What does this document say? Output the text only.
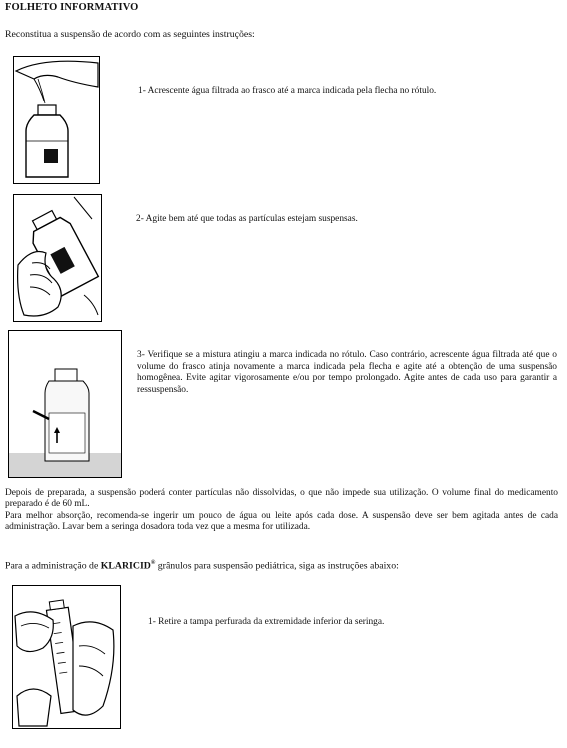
FOLHETO INFORMATIVO
Reconstitua a suspensão de acordo com as seguintes instruções:
1- Acrescente água filtrada ao frasco até a marca indicada pela flecha no rótulo.
2- Agite bem até que todas as partículas estejam suspensas.
3- Verifique se a mistura atingiu a marca indicada no rótulo. Caso contrário, acrescente água filtrada até que o volume do frasco atinja novamente a marca indicada pela flecha e agite até a obtenção de uma suspensão homogênea. Evite agitar vigorosamente e/ou por tempo prolongado. Agite antes de cada uso para garantir a ressuspensão.
Depois de preparada, a suspensão poderá conter partículas não dissolvidas, o que não impede sua utilização. O volume final do medicamento preparado é de 60 mL.
Para melhor absorção, recomenda-se ingerir um pouco de água ou leite após cada dose. A suspensão deve ser bem agitada antes de cada administração. Lavar bem a seringa dosadora toda vez que a mesma for utilizada.
Para a administração de KLARICID® grânulos para suspensão pediátrica, siga as instruções abaixo:
1- Retire a tampa perfurada da extremidade inferior da seringa.
